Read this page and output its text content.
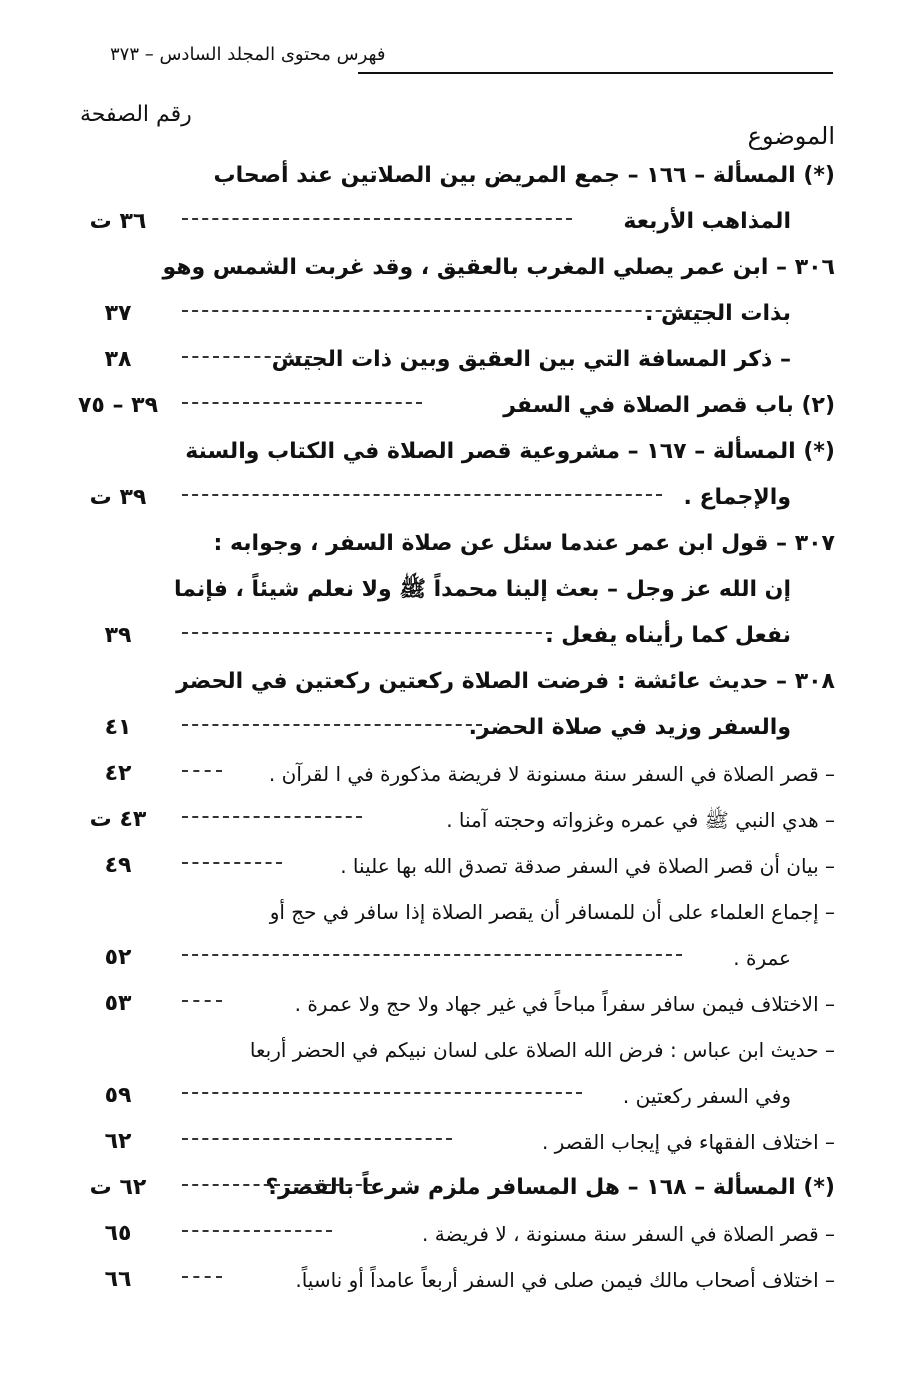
فهرس محتوى المجلد السادس – ٣٧٣
رقم الصفحة
الموضوع
(*) المسألة – ١٦٦ – جمع المريض بين الصلاتين عند أصحاب
المذاهب الأربعة
٣٦ ت
٣٠٦ – ابن عمر يصلي المغرب بالعقيق ، وقد غربت الشمس وهو
بذات الجيش .
٣٧
– ذكر المسافة التي بين العقيق وبين ذات الجيش
٣٨
(٢) باب قصر الصلاة في السفر
٣٩ – ٧٥
(*) المسألة – ١٦٧ – مشروعية قصر الصلاة في الكتاب والسنة
والإجماع .
٣٩ ت
٣٠٧ – قول ابن عمر عندما سئل عن صلاة السفر ، وجوابه :
إن الله عز وجل – بعث إلينا محمداً ﷺ ولا نعلم شيئاً ، فإنما
نفعل كما رأيناه يفعل .
٣٩
٣٠٨ – حديث عائشة : فرضت الصلاة ركعتين ركعتين في الحضر
والسفر وزيد في صلاة الحضر.
٤١
– قصر الصلاة في السفر سنة مسنونة لا فريضة مذكورة في ا لقرآن .
٤٢
– هدي النبي ﷺ في عمره وغزواته وحجته آمنا .
٤٣ ت
– بيان أن قصر الصلاة في السفر صدقة تصدق الله بها علينا .
٤٩
– إجماع العلماء على أن للمسافر أن يقصر الصلاة إذا سافر في حج أو
عمرة .
٥٢
– الاختلاف فيمن سافر سفراً مباحاً في غير جهاد ولا حج ولا عمرة .
٥٣
– حديث ابن عباس : فرض الله الصلاة على لسان نبيكم في الحضر أربعا
وفي السفر ركعتين .
٥٩
– اختلاف الفقهاء في إيجاب القصر .
٦٢
(*) المسألة – ١٦٨ – هل المسافر ملزم شرعاً بالقصر؟
٦٢ ت
– قصر الصلاة في السفر سنة مسنونة ، لا فريضة .
٦٥
– اختلاف أصحاب مالك فيمن صلى في السفر أربعاً عامداً أو ناسياً.
٦٦
